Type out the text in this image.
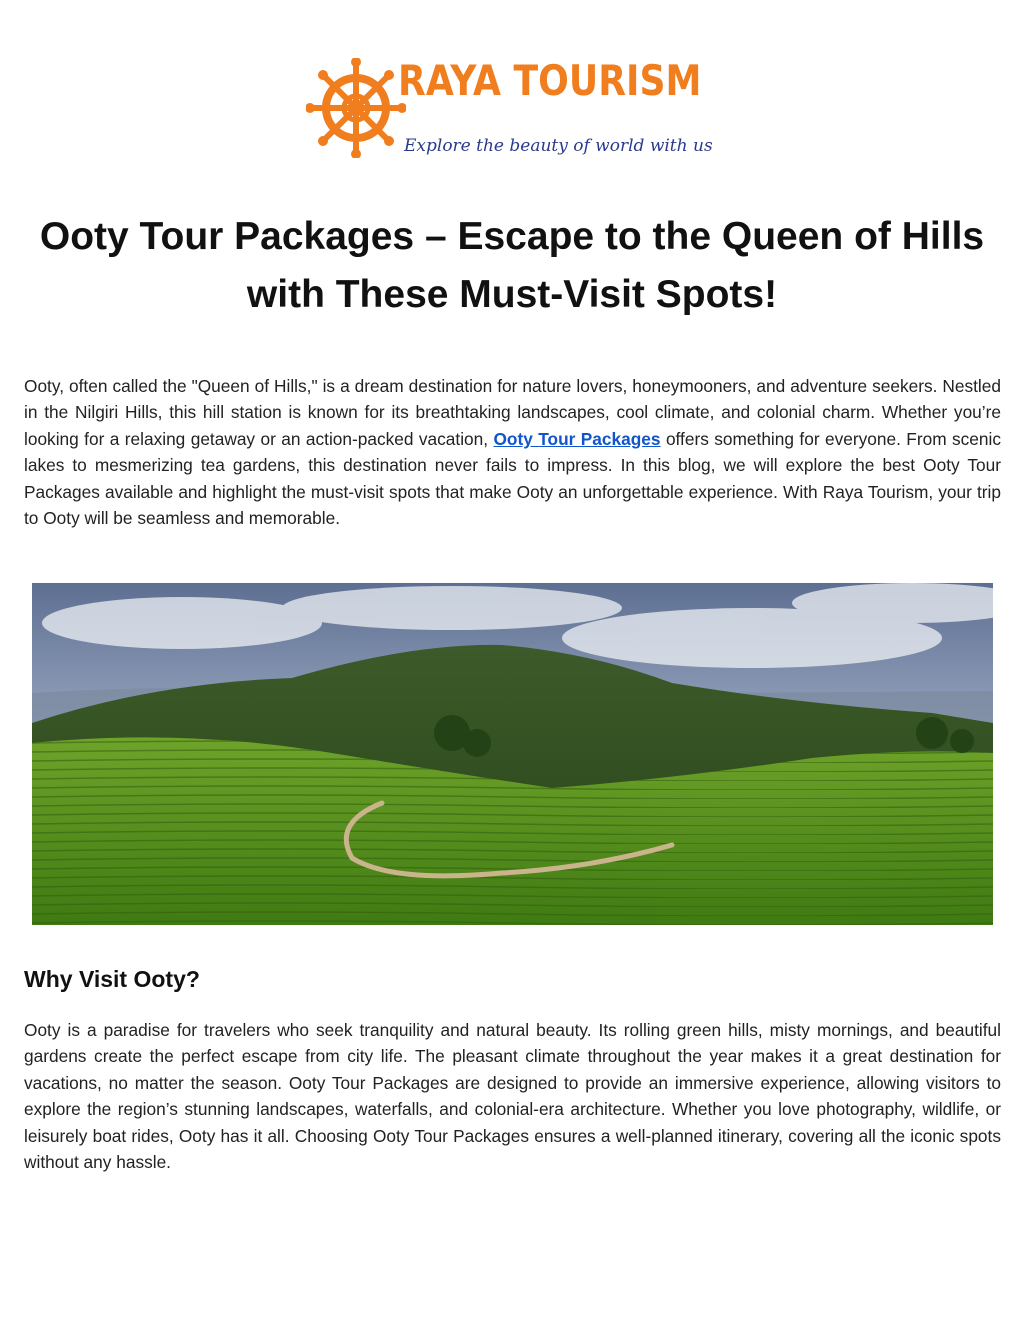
RAYA TOURISM
Explore the beauty of world with us
Ooty Tour Packages – Escape to the Queen of Hills with These Must-Visit Spots!

Ooty, often called the "Queen of Hills," is a dream destination for nature lovers, honeymooners, and adventure seekers. Nestled in the Nilgiri Hills, this hill station is known for its breathtaking landscapes, cool climate, and colonial charm. Whether you’re looking for a relaxing getaway or an action-packed vacation, Ooty Tour Packages offers something for everyone. From scenic lakes to mesmerizing tea gardens, this destination never fails to impress. In this blog, we will explore the best Ooty Tour Packages available and highlight the must-visit spots that make Ooty an unforgettable experience. With Raya Tourism, your trip to Ooty will be seamless and memorable.

Why Visit Ooty?

Ooty is a paradise for travelers who seek tranquility and natural beauty. Its rolling green hills, misty mornings, and beautiful gardens create the perfect escape from city life. The pleasant climate throughout the year makes it a great destination for vacations, no matter the season. Ooty Tour Packages are designed to provide an immersive experience, allowing visitors to explore the region’s stunning landscapes, waterfalls, and colonial-era architecture. Whether you love photography, wildlife, or leisurely boat rides, Ooty has it all. Choosing Ooty Tour Packages ensures a well-planned itinerary, covering all the iconic spots without any hassle.
